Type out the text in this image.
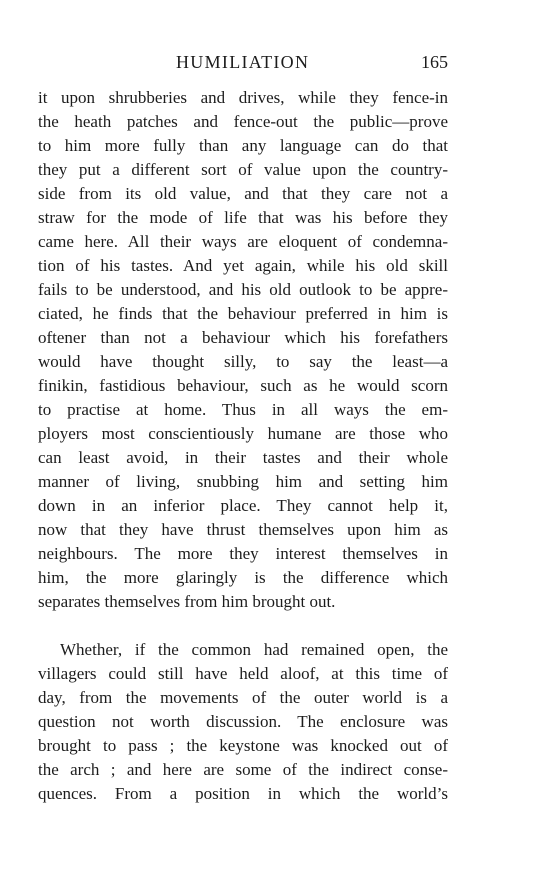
HUMILIATION	165
it upon shrubberies and drives, while they fence-in
the heath patches and fence-out the public—prove
to him more fully than any language can do that
they put a different sort of value upon the country-
side from its old value, and that they care not a
straw for the mode of life that was his before they
came here. All their ways are eloquent of condemna-
tion of his tastes. And yet again, while his old skill
fails to be understood, and his old outlook to be appre-
ciated, he finds that the behaviour preferred in him is
oftener than not a behaviour which his forefathers
would have thought silly, to say the least—a
finikin, fastidious behaviour, such as he would scorn
to practise at home. Thus in all ways the em-
ployers most conscientiously humane are those who
can least avoid, in their tastes and their whole
manner of living, snubbing him and setting him
down in an inferior place. They cannot help it,
now that they have thrust themselves upon him as
neighbours. The more they interest themselves in
him, the more glaringly is the difference which
separates themselves from him brought out.
Whether, if the common had remained open, the
villagers could still have held aloof, at this time of
day, from the movements of the outer world is a
question not worth discussion. The enclosure was
brought to pass ; the keystone was knocked out of
the arch ; and here are some of the indirect conse-
quences. From a position in which the world’s
